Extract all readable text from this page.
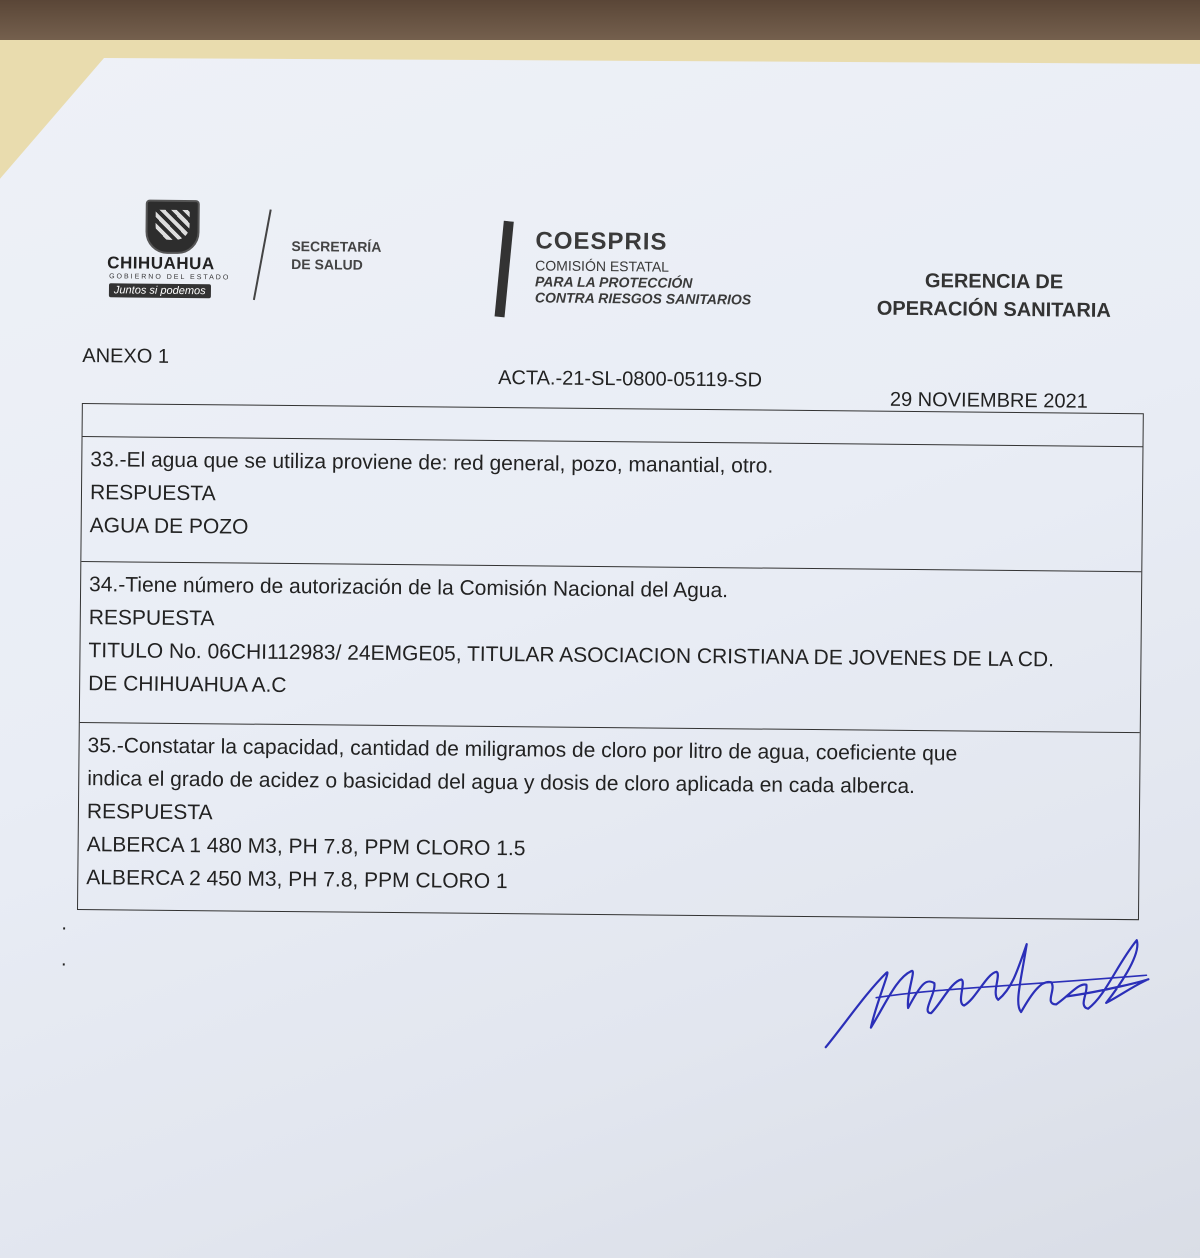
CHIHUAHUA
GOBIERNO DEL ESTADO
Juntos si podemos
SECRETARÍA
DE SALUD
COESPRIS
COMISIÓN ESTATAL
PARA LA PROTECCIÓN
CONTRA RIESGOS SANITARIOS
GERENCIA DE
OPERACIÓN SANITARIA
ANEXO 1
ACTA.-21-SL-0800-05119-SD
29 NOVIEMBRE 2021
33.-El agua que se utiliza proviene de: red general, pozo, manantial, otro.
RESPUESTA
AGUA DE POZO
34.-Tiene número de autorización de la Comisión Nacional del Agua.
RESPUESTA
TITULO No. 06CHI112983/ 24EMGE05, TITULAR ASOCIACION CRISTIANA DE JOVENES DE LA CD.
DE CHIHUAHUA A.C
35.-Constatar la capacidad, cantidad de miligramos de cloro por litro de agua, coeficiente que
indica el grado de acidez o basicidad del agua y dosis de cloro aplicada en cada alberca.
RESPUESTA
ALBERCA 1 480 M3, PH 7.8, PPM CLORO 1.5
ALBERCA 2 450 M3, PH 7.8, PPM CLORO 1
·
·
